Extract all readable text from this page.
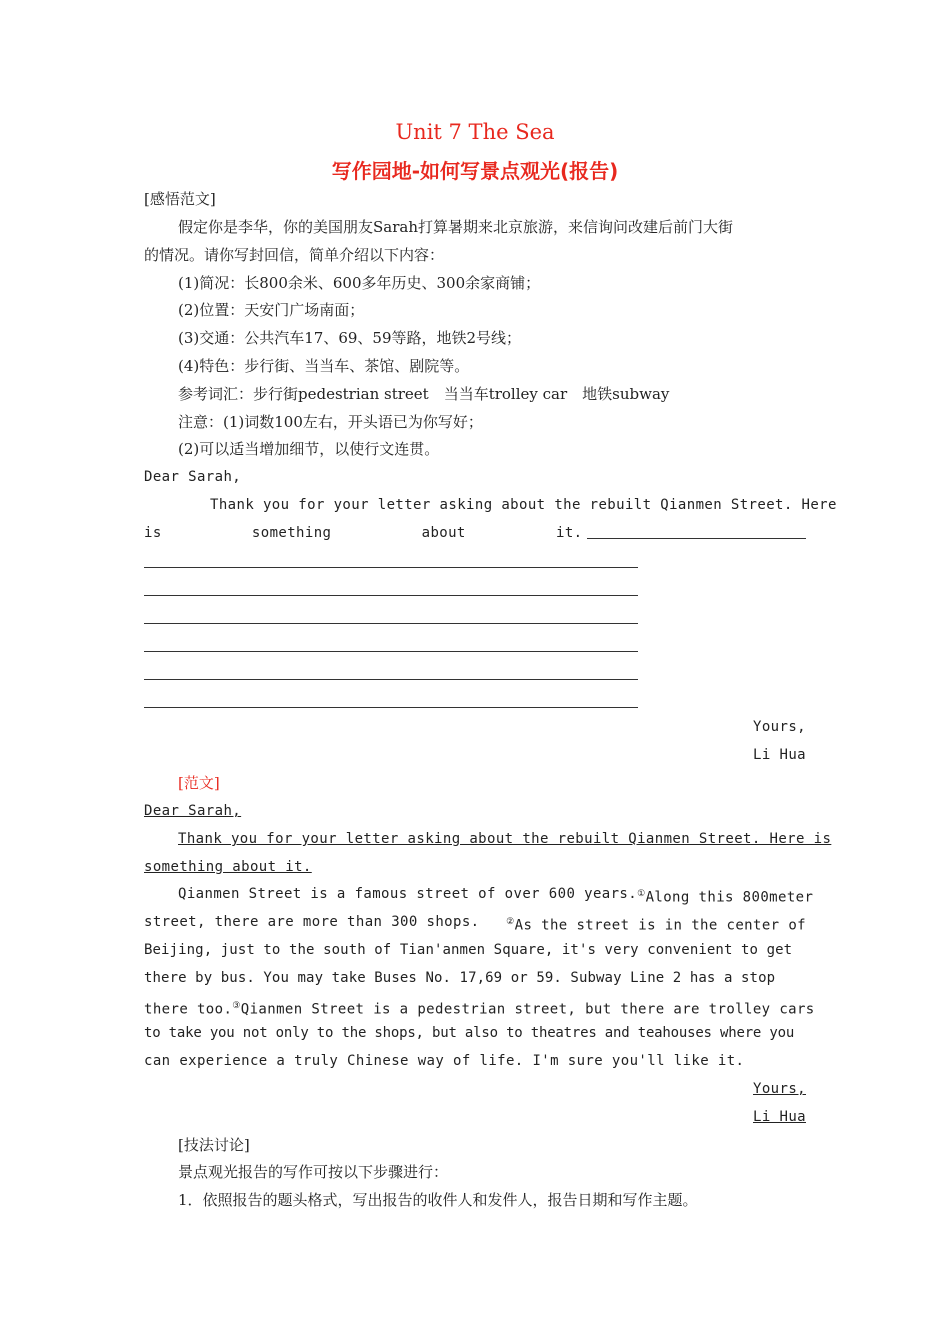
Unit 7 The Sea
写作园地-如何写景点观光(报告)
[感悟范文]
假定你是李华，你的美国朋友Sarah打算暑期来北京旅游，来信询问改建后前门大街
的情况。请你写封回信，简单介绍以下内容：
(1)简况：长800余米、600多年历史、300余家商铺；
(2)位置：天安门广场南面；
(3)交通：公共汽车17、69、59等路，地铁2号线；
(4)特色：步行街、当当车、茶馆、剧院等。
参考词汇：步行街pedestrian street　当当车trolley car　地铁subway
注意：(1)词数100左右，开头语已为你写好；
(2)可以适当增加细节，以使行文连贯。
Dear Sarah,
Thank you for your letter asking about the rebuilt Qianmen Street. Here
is	something	about	it.
Yours,
Li Hua
[范文]
Dear Sarah,
Thank you for your letter asking about the rebuilt Qianmen Street. Here is
something about it.
Qianmen Street is a famous street of over 600 years. ①Along this 800meter
street, there are more than 300 shops.	②As the street is in the center of
Beijing, just to the south of Tian'anmen Square, it's very convenient to get
there by bus. You may take Buses No. 17,69 or 59. Subway Line 2 has a stop
there too.③Qianmen Street is a pedestrian street, but there are trolley cars
to take you not only to the shops, but also to theatres and teahouses where you
can experience a truly Chinese way of life. I'm sure you'll like it.
Yours,
Li Hua
[技法讨论]
景点观光报告的写作可按以下步骤进行：
1．依照报告的题头格式，写出报告的收件人和发件人，报告日期和写作主题。
